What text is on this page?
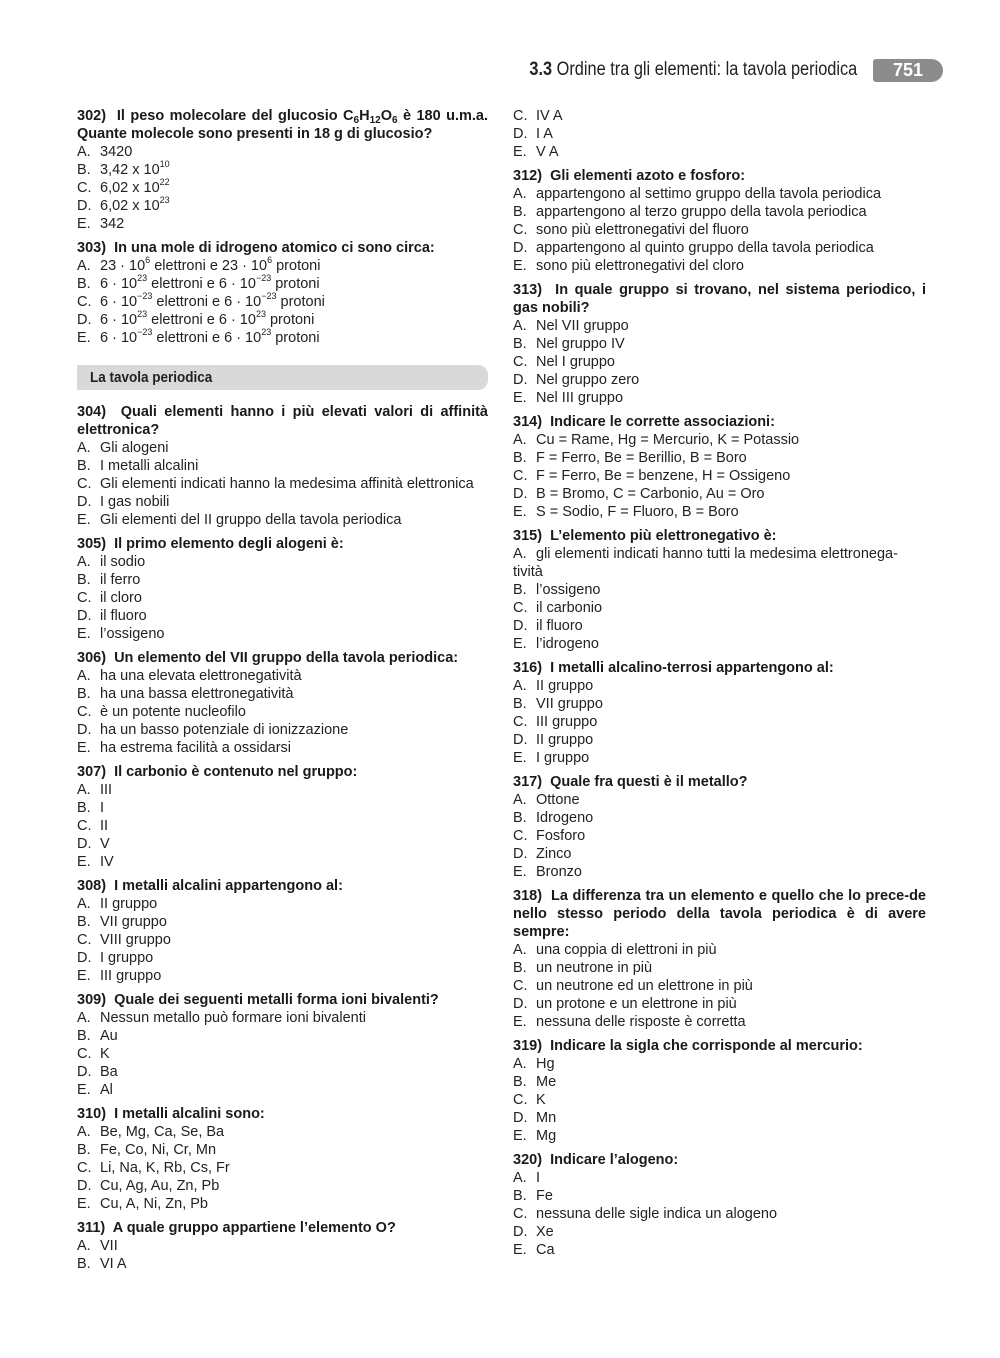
3.3 Ordine tra gli elementi: la tavola periodica	751
302)  Il peso molecolare del glucosio $C_6H_{12}O_6$ è 180 u.m.a. Quante molecole sono presenti in 18 g di glucosio?
A. 3420
B. 3,42 x $10^{10}$
C. 6,02 x $10^{22}$
D. 6,02 x $10^{23}$
E. 342
303)  In una mole di idrogeno atomico ci sono circa:
A. $23 \cdot 10^6$ elettroni e $23 \cdot 10^6$ protoni
B. $6 \cdot 10^{23}$ elettroni e $6 \cdot 10^{-23}$ protoni
C. $6 \cdot 10^{-23}$ elettroni e $6 \cdot 10^{-23}$ protoni
D. $6 \cdot 10^{23}$ elettroni e $6 \cdot 10^{23}$ protoni
E. $6 \cdot 10^{-23}$ elettroni e $6 \cdot 10^{23}$ protoni
La tavola periodica
304)  Quali elementi hanno i più elevati valori di affinità elettronica?
A. Gli alogeni
B. I metalli alcalini
C. Gli elementi indicati hanno la medesima affinità elettronica
D. I gas nobili
E. Gli elementi del II gruppo della tavola periodica
305)  Il primo elemento degli alogeni è:
A. il sodio
B. il ferro
C. il cloro
D. il fluoro
E. l’ossigeno
306)  Un elemento del VII gruppo della tavola periodica:
A. ha una elevata elettronegatività
B. ha una bassa elettronegatività
C. è un potente nucleofilo
D. ha un basso potenziale di ionizzazione
E. ha estrema facilità a ossidarsi
307)  Il carbonio è contenuto nel gruppo:
A. III
B. I
C. II
D. V
E. IV
308)  I metalli alcalini appartengono al:
A. II gruppo
B. VII gruppo
C. VIII gruppo
D. I gruppo
E. III gruppo
309)  Quale dei seguenti metalli forma ioni bivalenti?
A. Nessun metallo può formare ioni bivalenti
B. Au
C. K
D. Ba
E. Al
310)  I metalli alcalini sono:
A. Be, Mg, Ca, Se, Ba
B. Fe, Co, Ni, Cr, Mn
C. Li, Na, K, Rb, Cs, Fr
D. Cu, Ag, Au, Zn, Pb
E. Cu, A, Ni, Zn, Pb
311)  A quale gruppo appartiene l’elemento O?
A. VII
B. VI A
C. IV A
D. I A
E. V A
312)  Gli elementi azoto e fosforo:
A. appartengono al settimo gruppo della tavola periodica
B. appartengono al terzo gruppo della tavola periodica
C. sono più elettronegativi del fluoro
D. appartengono al quinto gruppo della tavola periodica
E. sono più elettronegativi del cloro
313)  In quale gruppo si trovano, nel sistema periodico, i gas nobili?
A. Nel VII gruppo
B. Nel gruppo IV
C. Nel I gruppo
D. Nel gruppo zero
E. Nel III gruppo
314)  Indicare le corrette associazioni:
A. Cu = Rame, Hg = Mercurio, K = Potassio
B. F = Ferro, Be = Berillio, B = Boro
C. F = Ferro, Be = benzene, H = Ossigeno
D. B = Bromo, C = Carbonio, Au = Oro
E. S = Sodio, F = Fluoro, B = Boro
315)  L’elemento più elettronegativo è:
A. gli elementi indicati hanno tutti la medesima elettronega-tività
B. l’ossigeno
C. il carbonio
D. il fluoro
E. l’idrogeno
316)  I metalli alcalino-terrosi appartengono al:
A. II gruppo
B. VII gruppo
C. III gruppo
D. II gruppo
E. I gruppo
317)  Quale fra questi è il metallo?
A. Ottone
B. Idrogeno
C. Fosforo
D. Zinco
E. Bronzo
318)  La differenza tra un elemento e quello che lo prece-de nello stesso periodo della tavola periodica è di avere sempre:
A. una coppia di elettroni in più
B. un neutrone in più
C. un neutrone ed un elettrone in più
D. un protone e un elettrone in più
E. nessuna delle risposte è corretta
319)  Indicare la sigla che corrisponde al mercurio:
A. Hg
B. Me
C. K
D. Mn
E. Mg
320)  Indicare l’alogeno:
A. I
B. Fe
C. nessuna delle sigle indica un alogeno
D. Xe
E. Ca
